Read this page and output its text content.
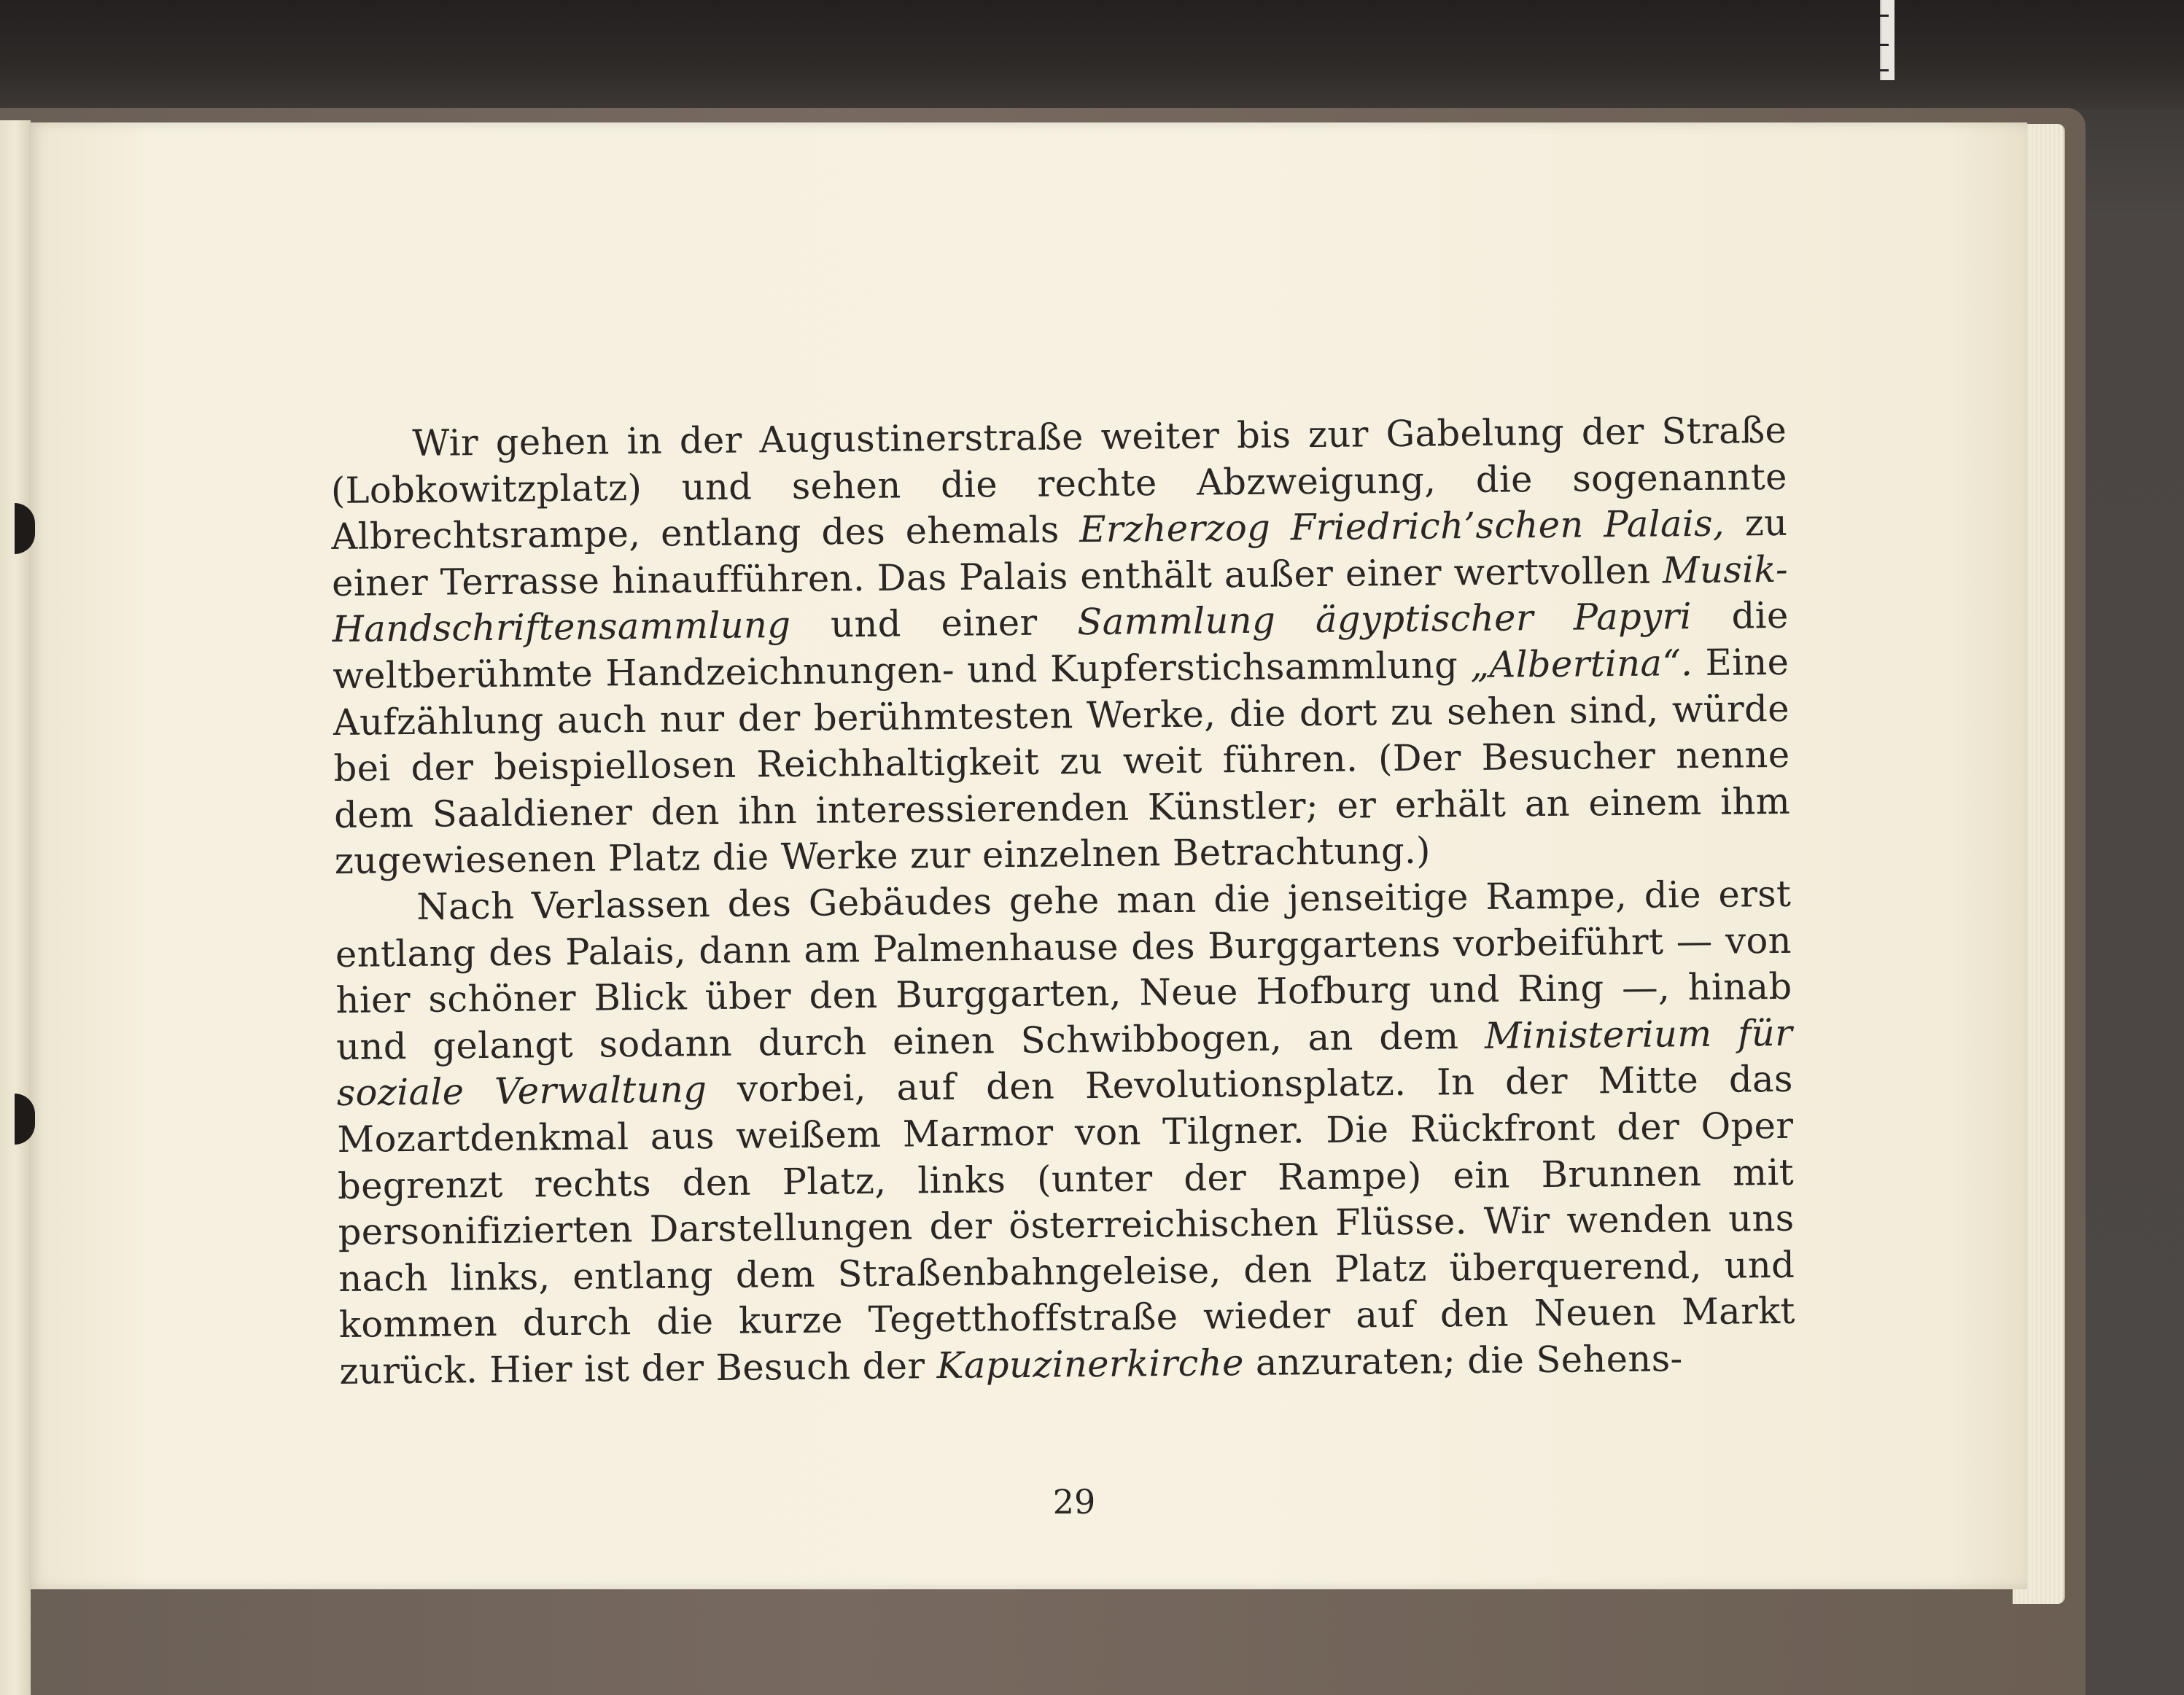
Wir gehen in der Augustinerstraße weiter bis zur Gabelung der Straße (Lobkowitzplatz) und sehen die rechte Abzweigung, die sogenannte Albrechtsrampe, entlang des ehemals Erzherzog Friedrich’schen Palais, zu einer Terrasse hinaufführen. Das Palais enthält außer einer wertvollen Musik-Handschriftensammlung und einer Sammlung ägyptischer Papyri die weltberühmte Handzeichnungen- und Kupferstichsammlung „Albertina“. Eine Aufzählung auch nur der berühmtesten Werke, die dort zu sehen sind, würde bei der beispiellosen Reichhaltigkeit zu weit führen. (Der Besucher nenne dem Saaldiener den ihn interessierenden Künstler; er erhält an einem ihm zugewiesenen Platz die Werke zur einzelnen Betrachtung.)

Nach Verlassen des Gebäudes gehe man die jenseitige Rampe, die erst entlang des Palais, dann am Palmenhause des Burggartens vorbeiführt — von hier schöner Blick über den Burggarten, Neue Hofburg und Ring —, hinab und gelangt sodann durch einen Schwibbogen, an dem Ministerium für soziale Verwaltung vorbei, auf den Revolutionsplatz. In der Mitte das Mozartdenkmal aus weißem Marmor von Tilgner. Die Rückfront der Oper begrenzt rechts den Platz, links (unter der Rampe) ein Brunnen mit personifizierten Darstellungen der österreichischen Flüsse. Wir wenden uns nach links, entlang dem Straßenbahngeleise, den Platz überquerend, und kommen durch die kurze Tegetthoffstraße wieder auf den Neuen Markt zurück. Hier ist der Besuch der Kapuzinerkirche anzuraten; die Sehens-

29
